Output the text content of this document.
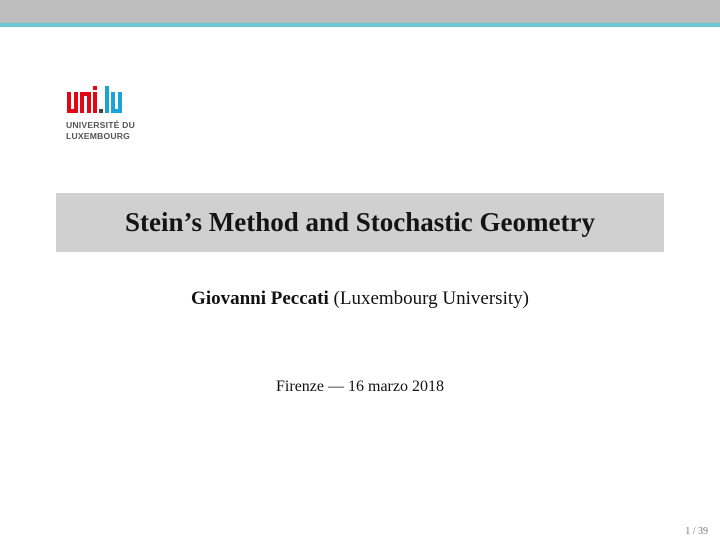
UNIVERSITÉ DU
LUXEMBOURG
Stein’s Method and Stochastic Geometry
Giovanni Peccati (Luxembourg University)
Firenze — 16 marzo 2018
1 / 39
